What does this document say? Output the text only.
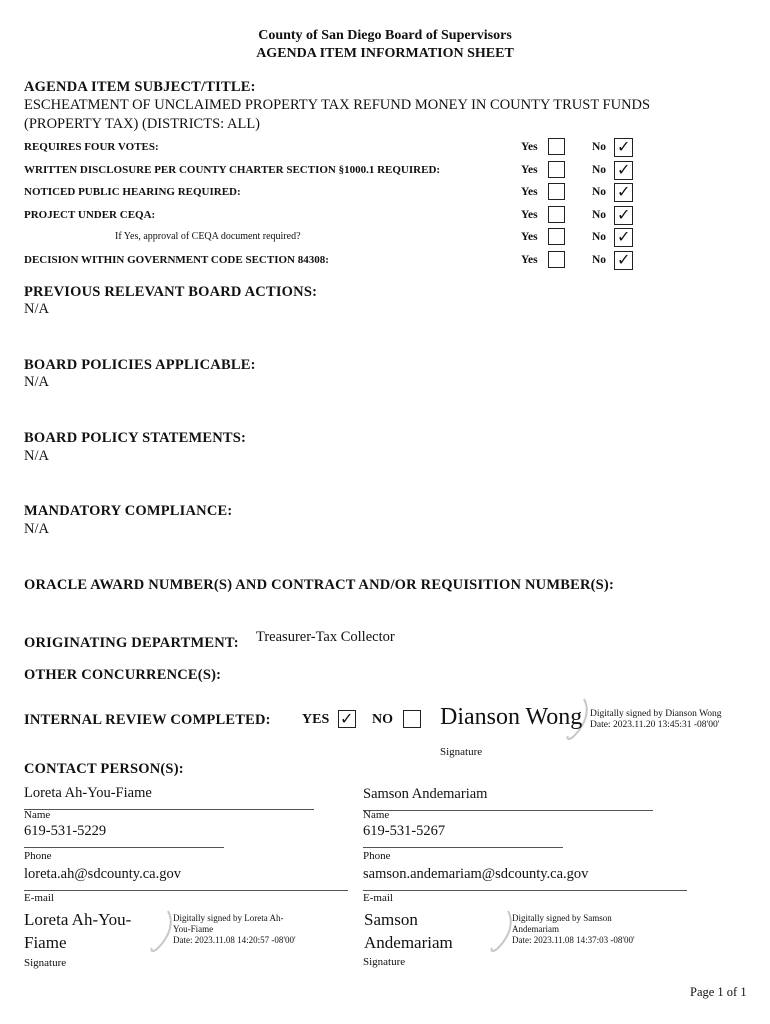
County of San Diego Board of Supervisors
AGENDA ITEM INFORMATION SHEET
AGENDA ITEM SUBJECT/TITLE:
ESCHEATMENT OF UNCLAIMED PROPERTY TAX REFUND MONEY IN COUNTY TRUST FUNDS
(PROPERTY TAX) (DISTRICTS: ALL)
REQUIRES FOUR VOTES:	Yes	No ✓
WRITTEN DISCLOSURE PER COUNTY CHARTER SECTION §1000.1 REQUIRED:	Yes	No ✓
NOTICED PUBLIC HEARING REQUIRED:	Yes	No ✓
PROJECT UNDER CEQA:	Yes	No ✓
If Yes, approval of CEQA document required?	Yes	No ✓
DECISION WITHIN GOVERNMENT CODE SECTION 84308:	Yes	No ✓
PREVIOUS RELEVANT BOARD ACTIONS:
N/A
BOARD POLICIES APPLICABLE:
N/A
BOARD POLICY STATEMENTS:
N/A
MANDATORY COMPLIANCE:
N/A
ORACLE AWARD NUMBER(S) AND CONTRACT AND/OR REQUISITION NUMBER(S):
ORIGINATING DEPARTMENT: Treasurer-Tax Collector
OTHER CONCURRENCE(S):
INTERNAL REVIEW COMPLETED: YES ✓ NO Dianson Wong Digitally signed by Dianson Wong
Date: 2023.11.20 13:45:31 -08'00'
Signature
CONTACT PERSON(S):
Loreta Ah-You-Fiame
Name
619-531-5229
Phone
loreta.ah@sdcounty.ca.gov
E-mail
Loreta Ah-You-
Fiame
Digitally signed by Loreta Ah-
You-Fiame
Date: 2023.11.08 14:20:57 -08'00'
Signature
Samson Andemariam
Name
619-531-5267
Phone
samson.andemariam@sdcounty.ca.gov
E-mail
Samson
Andemariam
Digitally signed by Samson
Andemariam
Date: 2023.11.08 14:37:03 -08'00'
Signature
Page 1 of 1
